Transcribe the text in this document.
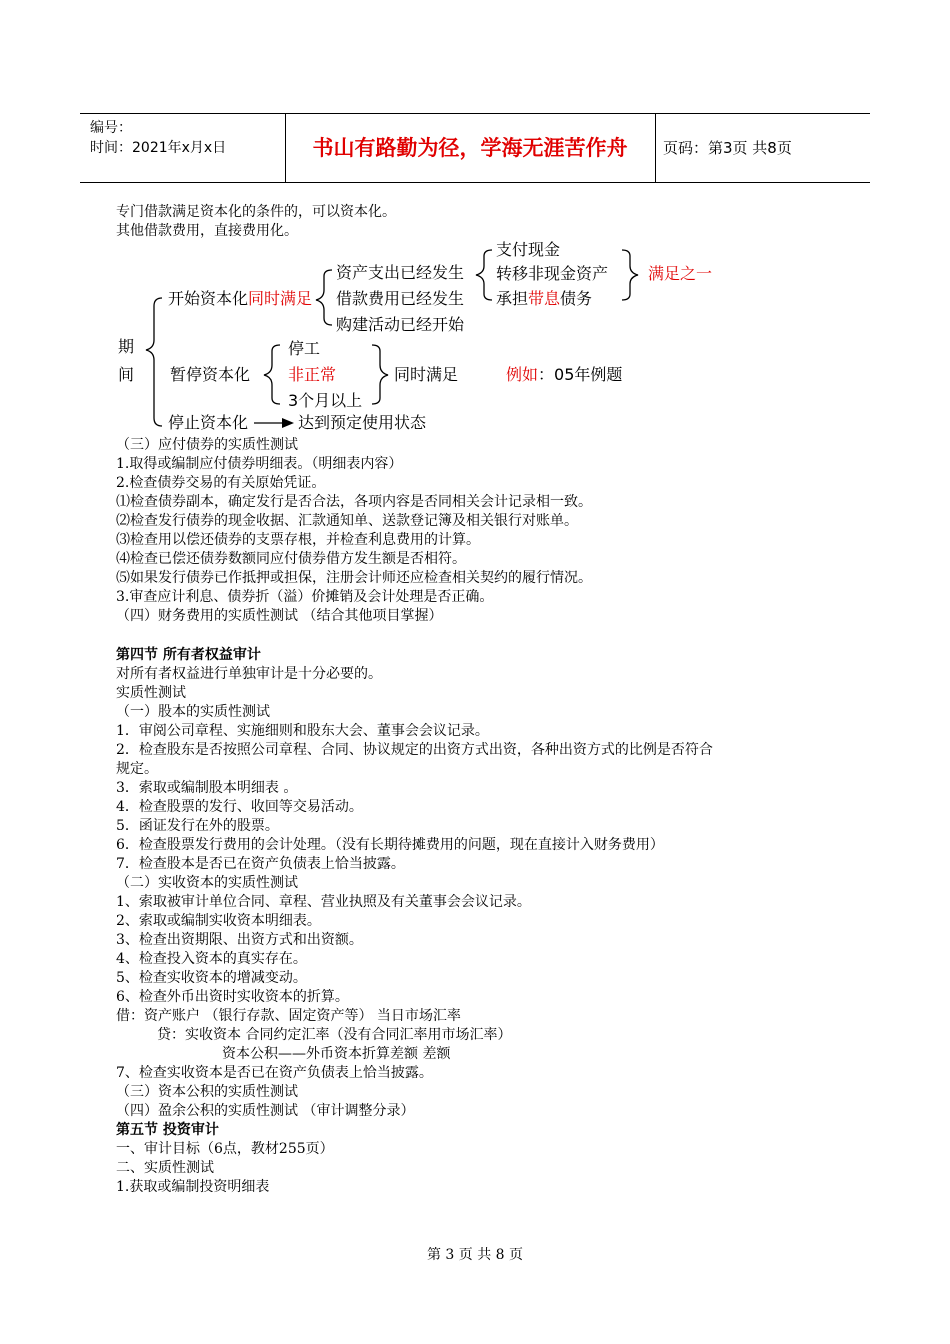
编号：
时间：2021年x月x日	书山有路勤为径，学海无涯苦作舟	页码：第3页 共8页
专门借款满足资本化的条件的，可以资本化。
其他借款费用，直接费用化。
期
间
开始资本化同时满足
资产支出已经发生
借款费用已经发生
购建活动已经开始
支付现金
转移非现金资产
承担带息债务
满足之一
暂停资本化
停工
非正常
3个月以上
同时满足	例如：05年例题
停止资本化	达到预定使用状态
（三）应付债券的实质性测试
1.取得或编制应付债券明细表。（明细表内容）
2.检查债券交易的有关原始凭证。
⑴检查债券副本，确定发行是否合法，各项内容是否同相关会计记录相一致。
⑵检查发行债券的现金收据、汇款通知单、送款登记簿及相关银行对账单。
⑶检查用以偿还债券的支票存根，并检查利息费用的计算。
⑷检查已偿还债券数额同应付债券借方发生额是否相符。
⑸如果发行债券已作抵押或担保，注册会计师还应检查相关契约的履行情况。
3.审查应计利息、债券折（溢）价摊销及会计处理是否正确。
（四）财务费用的实质性测试 （结合其他项目掌握）
第四节 所有者权益审计
对所有者权益进行单独审计是十分必要的。
实质性测试
（一）股本的实质性测试
1．审阅公司章程、实施细则和股东大会、董事会会议记录。
2．检查股东是否按照公司章程、合同、协议规定的出资方式出资，各种出资方式的比例是否符合
规定。
3．索取或编制股本明细表 。
4．检查股票的发行、收回等交易活动。
5．函证发行在外的股票。
6．检查股票发行费用的会计处理。（没有长期待摊费用的问题，现在直接计入财务费用）
7．检查股本是否已在资产负债表上恰当披露。
（二）实收资本的实质性测试
1、索取被审计单位合同、章程、营业执照及有关董事会会议记录。
2、索取或编制实收资本明细表。
3、检查出资期限、出资方式和出资额。
4、检查投入资本的真实存在。
5、检查实收资本的增减变动。
6、检查外币出资时实收资本的折算。
借：资产账户 （银行存款、固定资产等） 当日市场汇率
贷：实收资本 合同约定汇率（没有合同汇率用市场汇率）
资本公积——外币资本折算差额 差额
7、检查实收资本是否已在资产负债表上恰当披露。
（三）资本公积的实质性测试
（四）盈余公积的实质性测试 （审计调整分录）
第五节 投资审计
一、审计目标（6点，教材255页）
二、实质性测试
1.获取或编制投资明细表
第 3 页 共 8 页
